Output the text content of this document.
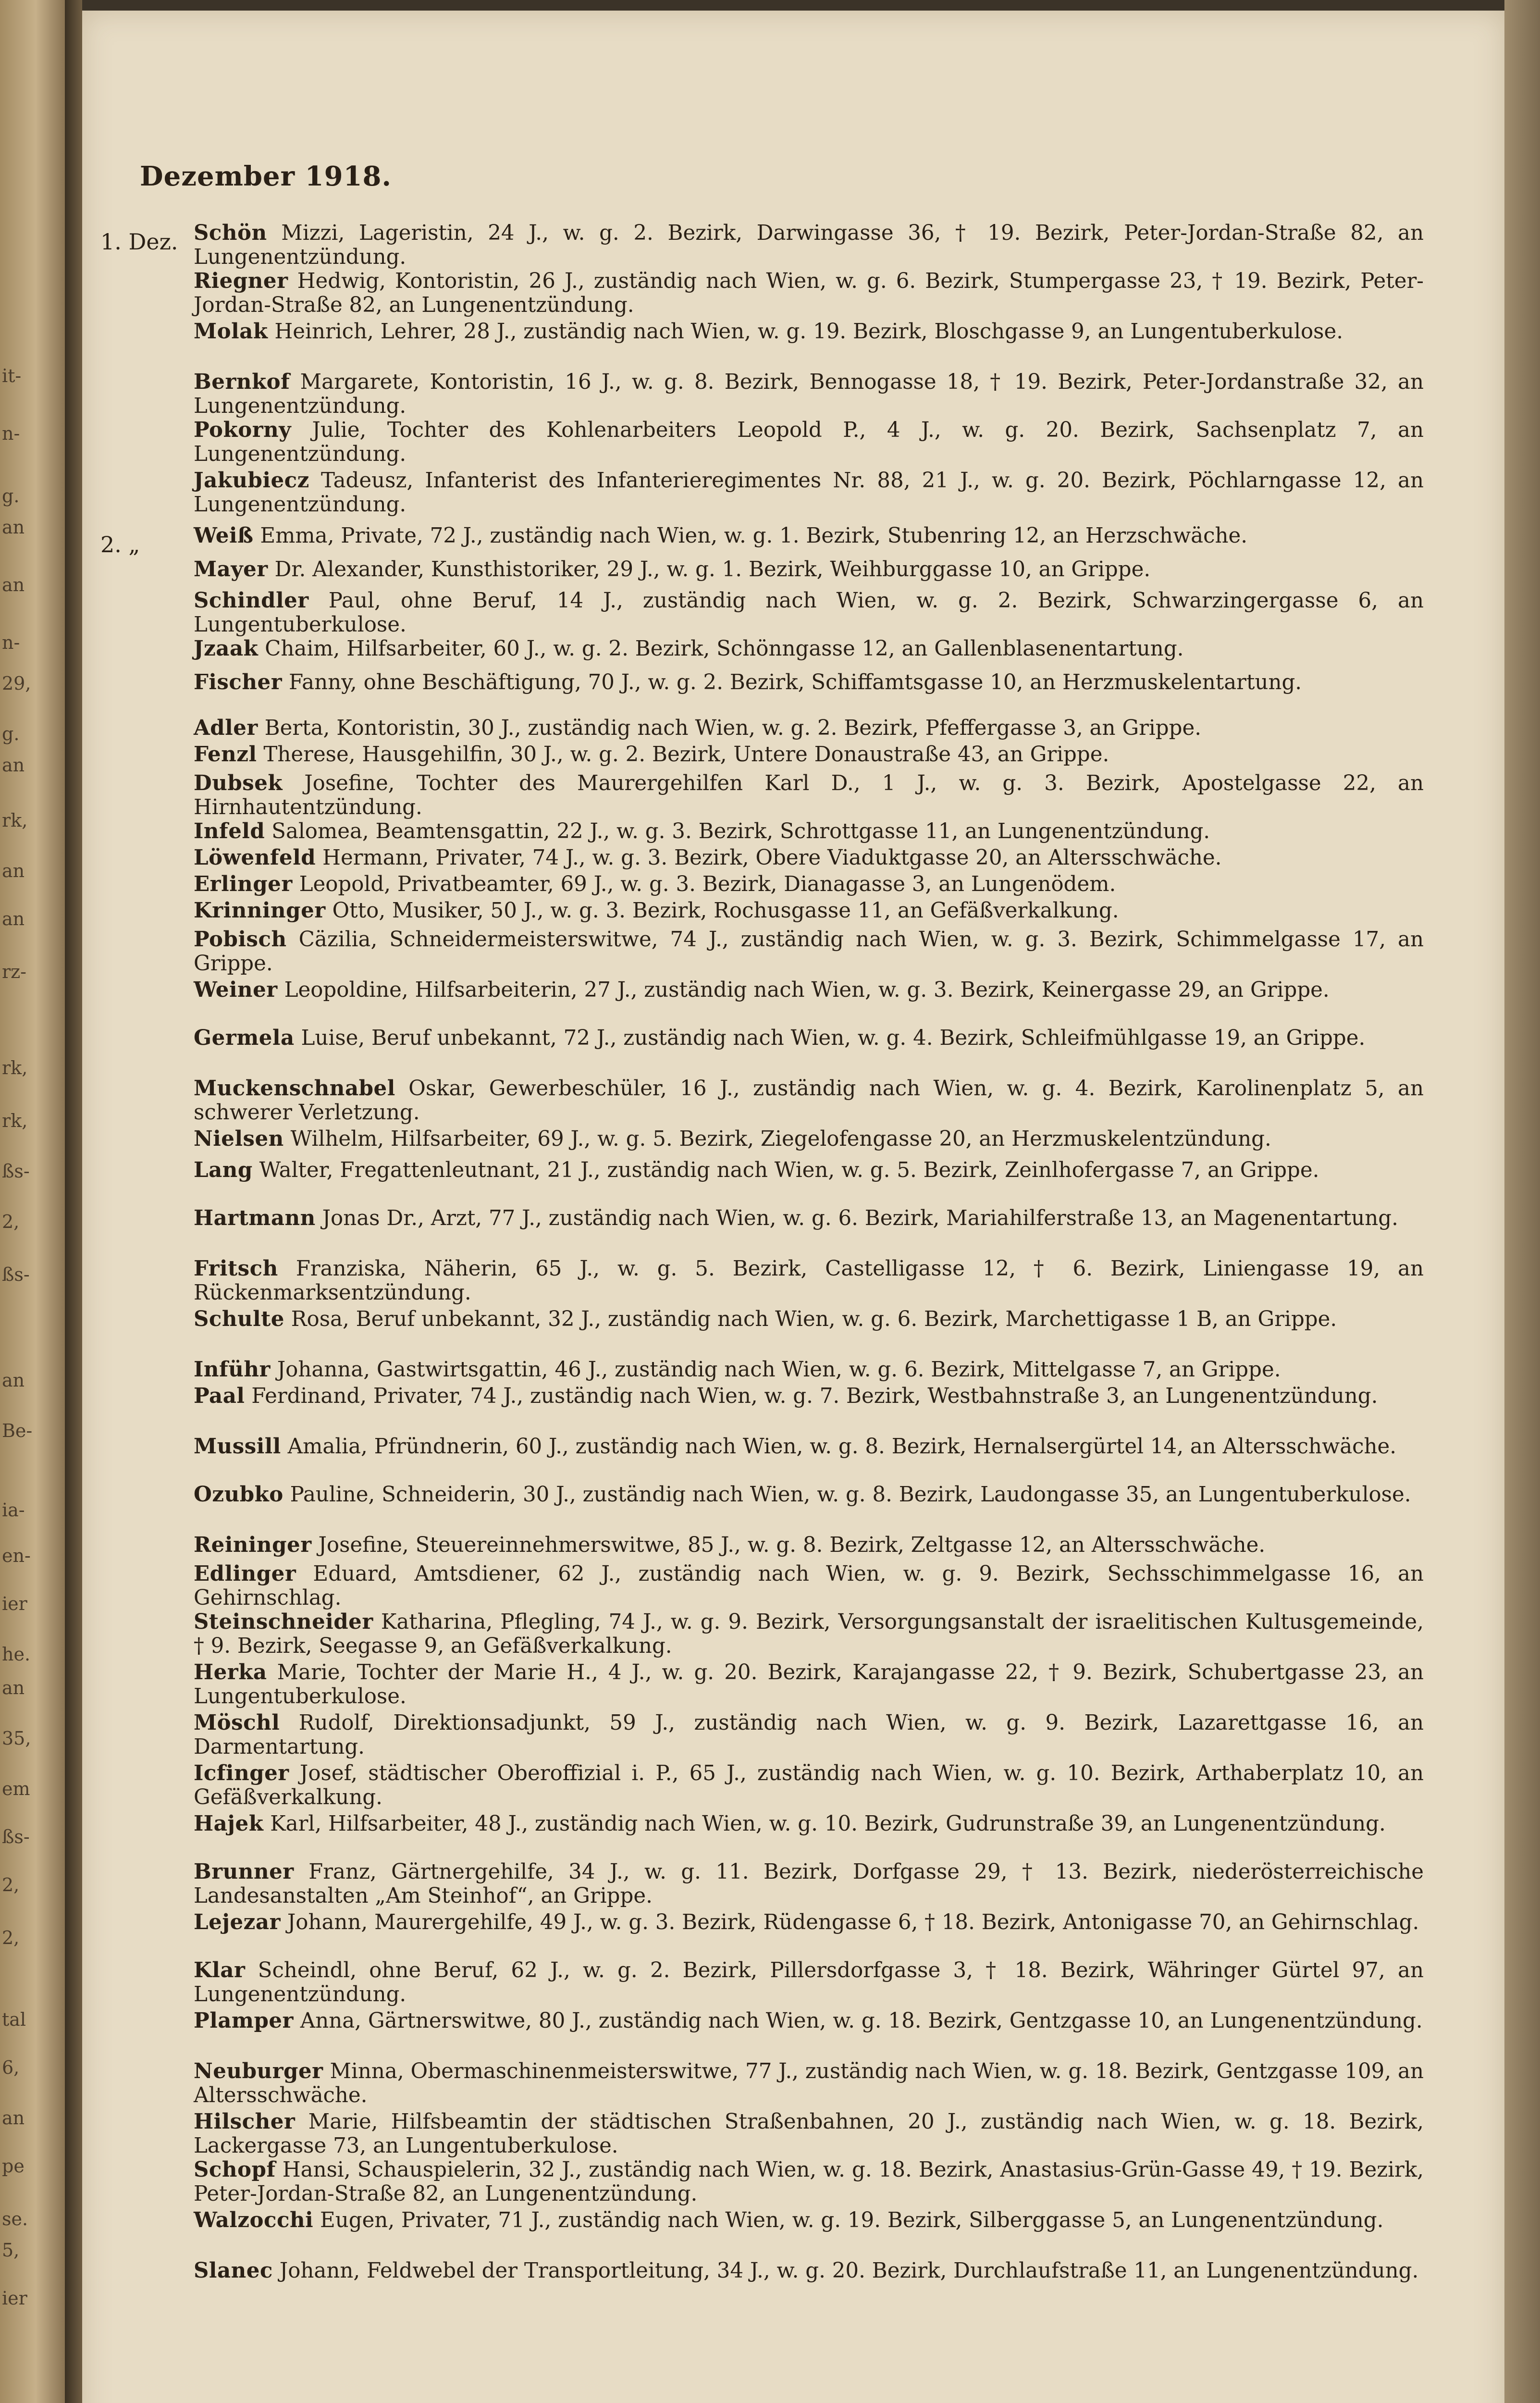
it-
n-
g.
an
an
n-
29,
g.
an
rk,
an
an
rz-
rk,
rk,
ßs-
2,
ßs-
an
Be-
ia-
en-
ier
he.
an
35,
em
ßs-
2,
2,
tal
6,
an
pe
se.
5,
ier
Dezember 1918.
1. Dez. Schön Mizzi, Lageristin, 24 J., w. g. 2. Bezirk, Darwingasse 36, † 19. Bezirk, Peter-Jordan-Straße 82, an Lungenentzündung.
Riegner Hedwig, Kontoristin, 26 J., zuständig nach Wien, w. g. 6. Bezirk, Stumpergasse 23, † 19. Bezirk, Peter-Jordan-Straße 82, an Lungenentzündung.
Molak Heinrich, Lehrer, 28 J., zuständig nach Wien, w. g. 19. Bezirk, Bloschgasse 9, an Lungentuberkulose.
Bernkof Margarete, Kontoristin, 16 J., w. g. 8. Bezirk, Bennogasse 18, † 19. Bezirk, Peter-Jordanstraße 32, an Lungenentzündung.
Pokorny Julie, Tochter des Kohlenarbeiters Leopold P., 4 J., w. g. 20. Bezirk, Sachsenplatz 7, an Lungenentzündung.
Jakubiecz Tadeusz, Infanterist des Infanterieregimentes Nr. 88, 21 J., w. g. 20. Bezirk, Pöchlarngasse 12, an Lungenentzündung.
2. „	Weiß Emma, Private, 72 J., zuständig nach Wien, w. g. 1. Bezirk, Stubenring 12, an Herzschwäche.
Mayer Dr. Alexander, Kunsthistoriker, 29 J., w. g. 1. Bezirk, Weihburggasse 10, an Grippe.
Schindler Paul, ohne Beruf, 14 J., zuständig nach Wien, w. g. 2. Bezirk, Schwarzingergasse 6, an Lungentuberkulose.
Jzaak Chaim, Hilfsarbeiter, 60 J., w. g. 2. Bezirk, Schönngasse 12, an Gallenblasenentartung.
Fischer Fanny, ohne Beschäftigung, 70 J., w. g. 2. Bezirk, Schiffamtsgasse 10, an Herzmuskelentartung.
Adler Berta, Kontoristin, 30 J., zuständig nach Wien, w. g. 2. Bezirk, Pfeffergasse 3, an Grippe.
Fenzl Therese, Hausgehilfin, 30 J., w. g. 2. Bezirk, Untere Donaustraße 43, an Grippe.
Dubsek Josefine, Tochter des Maurergehilfen Karl D., 1 J., w. g. 3. Bezirk, Apostelgasse 22, an Hirnhautentzündung.
Infeld Salomea, Beamtensgattin, 22 J., w. g. 3. Bezirk, Schrottgasse 11, an Lungenentzündung.
Löwenfeld Hermann, Privater, 74 J., w. g. 3. Bezirk, Obere Viaduktgasse 20, an Altersschwäche.
Erlinger Leopold, Privatbeamter, 69 J., w. g. 3. Bezirk, Dianagasse 3, an Lungenödem.
Krinninger Otto, Musiker, 50 J., w. g. 3. Bezirk, Rochusgasse 11, an Gefäßverkalkung.
Pobisch Cäzilia, Schneidermeisterswitwe, 74 J., zuständig nach Wien, w. g. 3. Bezirk, Schimmelgasse 17, an Grippe.
Weiner Leopoldine, Hilfsarbeiterin, 27 J., zuständig nach Wien, w. g. 3. Bezirk, Keinergasse 29, an Grippe.
Germela Luise, Beruf unbekannt, 72 J., zuständig nach Wien, w. g. 4. Bezirk, Schleifmühlgasse 19, an Grippe.
Muckenschnabel Oskar, Gewerbeschüler, 16 J., zuständig nach Wien, w. g. 4. Bezirk, Karolinenplatz 5, an schwerer Verletzung.
Nielsen Wilhelm, Hilfsarbeiter, 69 J., w. g. 5. Bezirk, Ziegelofengasse 20, an Herzmuskelentzündung.
Lang Walter, Fregattenleutnant, 21 J., zuständig nach Wien, w. g. 5. Bezirk, Zeinlhofergasse 7, an Grippe.
Hartmann Jonas Dr., Arzt, 77 J., zuständig nach Wien, w. g. 6. Bezirk, Mariahilferstraße 13, an Magenentartung.
Fritsch Franziska, Näherin, 65 J., w. g. 5. Bezirk, Castelligasse 12, † 6. Bezirk, Liniengasse 19, an Rückenmarksentzündung.
Schulte Rosa, Beruf unbekannt, 32 J., zuständig nach Wien, w. g. 6. Bezirk, Marchettigasse 1 B, an Grippe.
Inführ Johanna, Gastwirtsgattin, 46 J., zuständig nach Wien, w. g. 6. Bezirk, Mittelgasse 7, an Grippe.
Paal Ferdinand, Privater, 74 J., zuständig nach Wien, w. g. 7. Bezirk, Westbahnstraße 3, an Lungenentzündung.
Mussill Amalia, Pfründnerin, 60 J., zuständig nach Wien, w. g. 8. Bezirk, Hernalsergürtel 14, an Altersschwäche.
Ozubko Pauline, Schneiderin, 30 J., zuständig nach Wien, w. g. 8. Bezirk, Laudongasse 35, an Lungentuberkulose.
Reininger Josefine, Steuereinnehmerswitwe, 85 J., w. g. 8. Bezirk, Zeltgasse 12, an Altersschwäche.
Edlinger Eduard, Amtsdiener, 62 J., zuständig nach Wien, w. g. 9. Bezirk, Sechsschimmelgasse 16, an Gehirnschlag.
Steinschneider Katharina, Pflegling, 74 J., w. g. 9. Bezirk, Versorgungsanstalt der israelitischen Kultusgemeinde, † 9. Bezirk, Seegasse 9, an Gefäßverkalkung.
Herka Marie, Tochter der Marie H., 4 J., w. g. 20. Bezirk, Karajangasse 22, † 9. Bezirk, Schubertgasse 23, an Lungentuberkulose.
Möschl Rudolf, Direktionsadjunkt, 59 J., zuständig nach Wien, w. g. 9. Bezirk, Lazarettgasse 16, an Darmentartung.
Icfinger Josef, städtischer Oberoffizial i. P., 65 J., zuständig nach Wien, w. g. 10. Bezirk, Arthaberplatz 10, an Gefäßverkalkung.
Hajek Karl, Hilfsarbeiter, 48 J., zuständig nach Wien, w. g. 10. Bezirk, Gudrunstraße 39, an Lungenentzündung.
Brunner Franz, Gärtnergehilfe, 34 J., w. g. 11. Bezirk, Dorfgasse 29, † 13. Bezirk, niederösterreichische Landesanstalten „Am Steinhof“, an Grippe.
Lejezar Johann, Maurergehilfe, 49 J., w. g. 3. Bezirk, Rüdengasse 6, † 18. Bezirk, Antonigasse 70, an Gehirnschlag.
Klar Scheindl, ohne Beruf, 62 J., w. g. 2. Bezirk, Pillersdorfgasse 3, † 18. Bezirk, Währinger Gürtel 97, an Lungenentzündung.
Plamper Anna, Gärtnerswitwe, 80 J., zuständig nach Wien, w. g. 18. Bezirk, Gentzgasse 10, an Lungenentzündung.
Neuburger Minna, Obermaschinenmeisterswitwe, 77 J., zuständig nach Wien, w. g. 18. Bezirk, Gentzgasse 109, an Altersschwäche.
Hilscher Marie, Hilfsbeamtin der städtischen Straßenbahnen, 20 J., zuständig nach Wien, w. g. 18. Bezirk, Lackergasse 73, an Lungentuberkulose.
Schopf Hansi, Schauspielerin, 32 J., zuständig nach Wien, w. g. 18. Bezirk, Anastasius-Grün-Gasse 49, † 19. Bezirk, Peter-Jordan-Straße 82, an Lungenentzündung.
Walzocchi Eugen, Privater, 71 J., zuständig nach Wien, w. g. 19. Bezirk, Silberggasse 5, an Lungenentzündung.
Slanec Johann, Feldwebel der Transportleitung, 34 J., w. g. 20. Bezirk, Durchlaufstraße 11, an Lungenentzündung.
